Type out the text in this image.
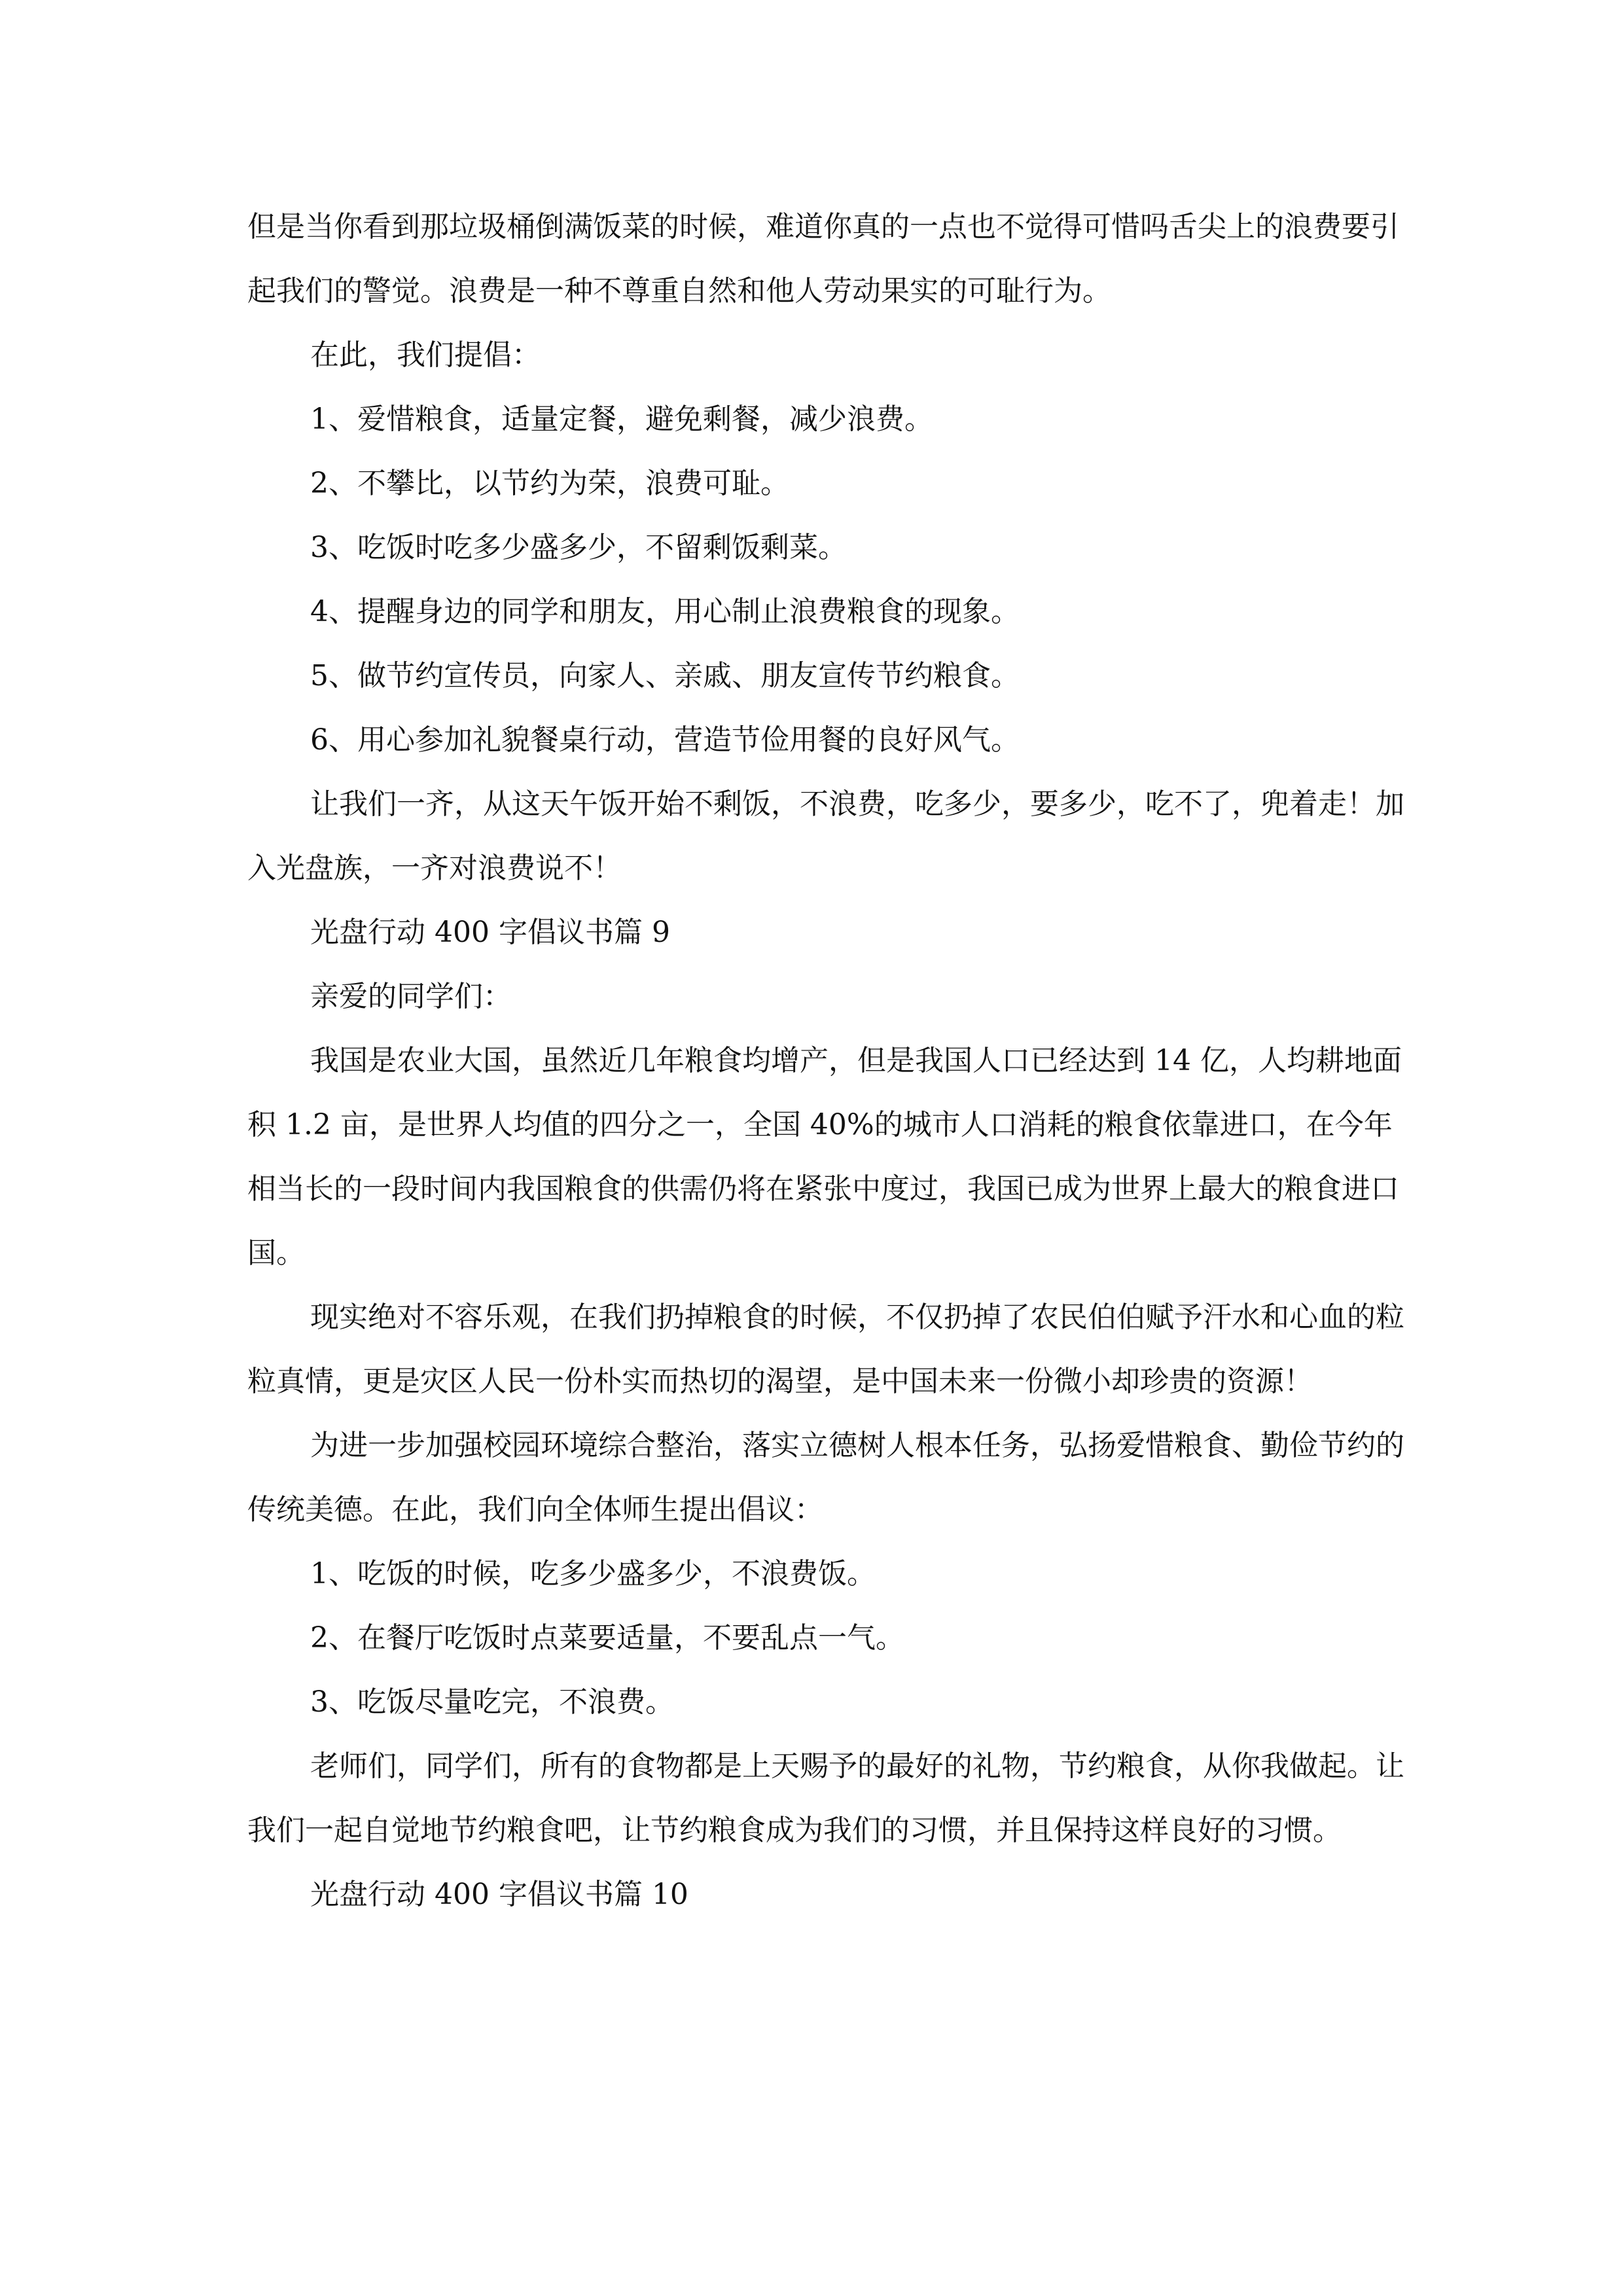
但是当你看到那垃圾桶倒满饭菜的时候，难道你真的一点也不觉得可惜吗舌尖上的浪费要引起我们的警觉。浪费是一种不尊重自然和他人劳动果实的可耻行为。

在此，我们提倡：

1、爱惜粮食，适量定餐，避免剩餐，减少浪费。

2、不攀比，以节约为荣，浪费可耻。

3、吃饭时吃多少盛多少，不留剩饭剩菜。

4、提醒身边的同学和朋友，用心制止浪费粮食的现象。

5、做节约宣传员，向家人、亲戚、朋友宣传节约粮食。

6、用心参加礼貌餐桌行动，营造节俭用餐的良好风气。

让我们一齐，从这天午饭开始不剩饭，不浪费，吃多少，要多少，吃不了，兜着走！加入光盘族，一齐对浪费说不！

光盘行动 400 字倡议书篇 9

亲爱的同学们：

我国是农业大国，虽然近几年粮食均增产，但是我国人口已经达到 14 亿，人均耕地面积 1.2 亩，是世界人均值的四分之一，全国 40%的城市人口消耗的粮食依靠进口，在今年相当长的一段时间内我国粮食的供需仍将在紧张中度过，我国已成为世界上最大的粮食进口国。

现实绝对不容乐观，在我们扔掉粮食的时候，不仅扔掉了农民伯伯赋予汗水和心血的粒粒真情，更是灾区人民一份朴实而热切的渴望，是中国未来一份微小却珍贵的资源！

为进一步加强校园环境综合整治，落实立德树人根本任务，弘扬爱惜粮食、勤俭节约的传统美德。在此，我们向全体师生提出倡议：

1、吃饭的时候，吃多少盛多少，不浪费饭。

2、在餐厅吃饭时点菜要适量，不要乱点一气。

3、吃饭尽量吃完，不浪费。

老师们，同学们，所有的食物都是上天赐予的最好的礼物，节约粮食，从你我做起。让我们一起自觉地节约粮食吧，让节约粮食成为我们的习惯，并且保持这样良好的习惯。

光盘行动 400 字倡议书篇 10
